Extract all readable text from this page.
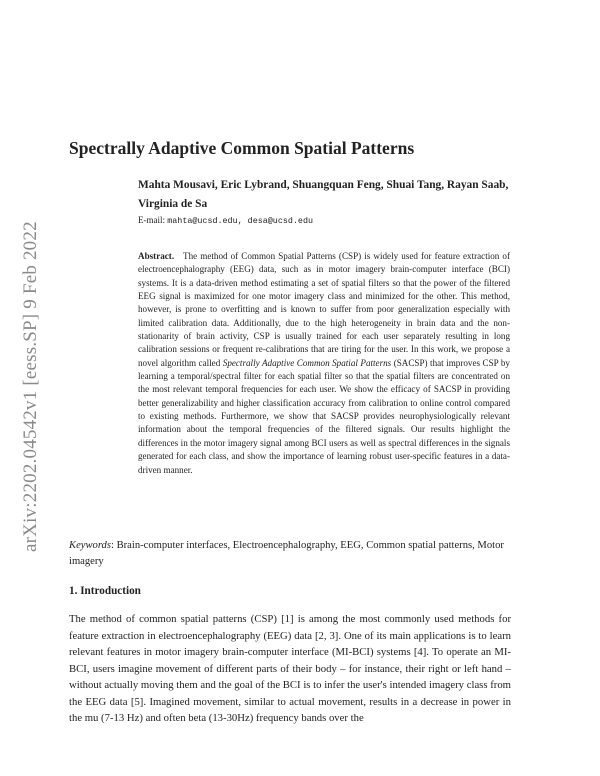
arXiv:2202.04542v1 [eess.SP] 9 Feb 2022
Spectrally Adaptive Common Spatial Patterns
Mahta Mousavi, Eric Lybrand, Shuangquan Feng, Shuai Tang, Rayan Saab, Virginia de Sa
E-mail: mahta@ucsd.edu, desa@ucsd.edu
Abstract. The method of Common Spatial Patterns (CSP) is widely used for feature extraction of electroencephalography (EEG) data, such as in motor imagery brain-computer interface (BCI) systems. It is a data-driven method estimating a set of spatial filters so that the power of the filtered EEG signal is maximized for one motor imagery class and minimized for the other. This method, however, is prone to overfitting and is known to suffer from poor generalization especially with limited calibration data. Additionally, due to the high heterogeneity in brain data and the non-stationarity of brain activity, CSP is usually trained for each user separately resulting in long calibration sessions or frequent re-calibrations that are tiring for the user. In this work, we propose a novel algorithm called Spectrally Adaptive Common Spatial Patterns (SACSP) that improves CSP by learning a temporal/spectral filter for each spatial filter so that the spatial filters are concentrated on the most relevant temporal frequencies for each user. We show the efficacy of SACSP in providing better generalizability and higher classification accuracy from calibration to online control compared to existing methods. Furthermore, we show that SACSP provides neurophysiologically relevant information about the temporal frequencies of the filtered signals. Our results highlight the differences in the motor imagery signal among BCI users as well as spectral differences in the signals generated for each class, and show the importance of learning robust user-specific features in a data-driven manner.
Keywords: Brain-computer interfaces, Electroencephalography, EEG, Common spatial patterns, Motor imagery
1. Introduction
The method of common spatial patterns (CSP) [1] is among the most commonly used methods for feature extraction in electroencephalography (EEG) data [2, 3]. One of its main applications is to learn relevant features in motor imagery brain-computer interface (MI-BCI) systems [4]. To operate an MI-BCI, users imagine movement of different parts of their body – for instance, their right or left hand – without actually moving them and the goal of the BCI is to infer the user's intended imagery class from the EEG data [5]. Imagined movement, similar to actual movement, results in a decrease in power in the mu (7-13 Hz) and often beta (13-30Hz) frequency bands over the
